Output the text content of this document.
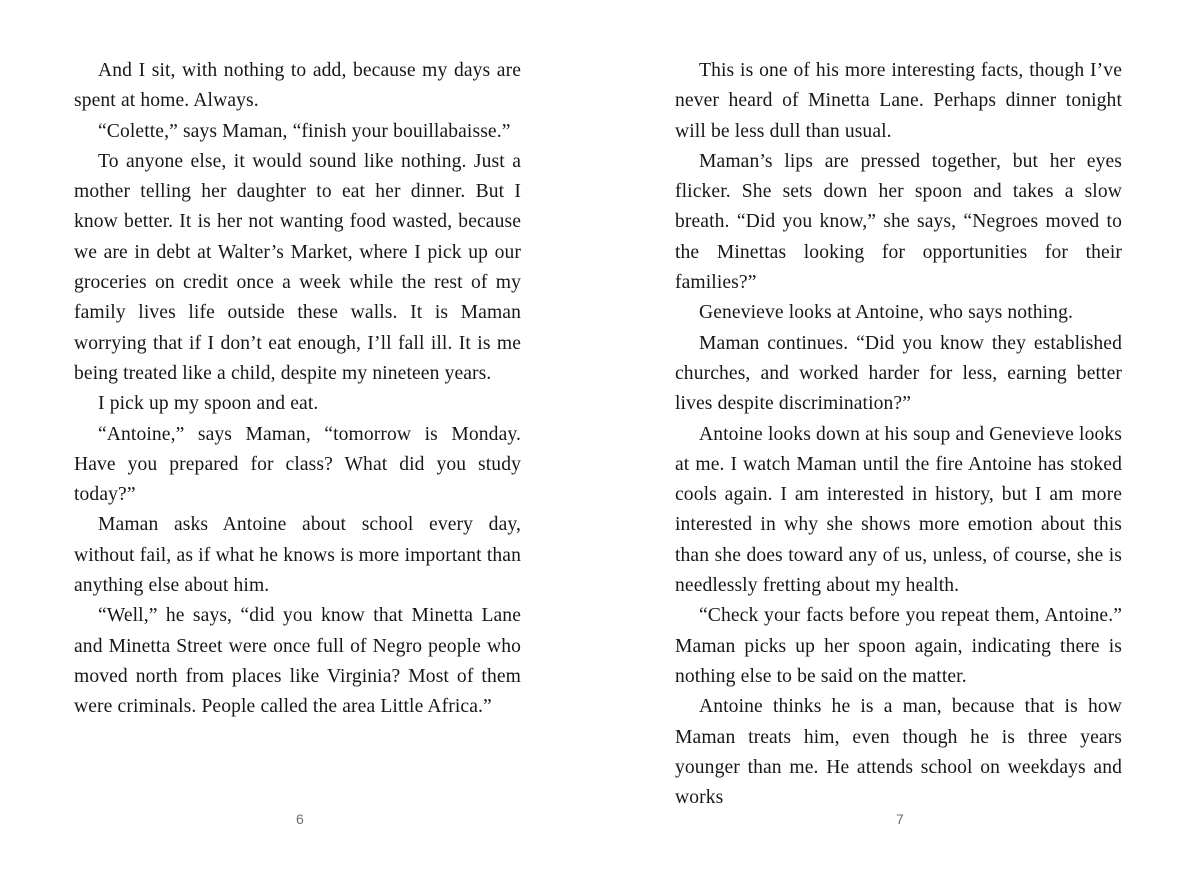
And I sit, with nothing to add, because my days are spent at home. Always.

“Colette,” says Maman, “finish your bouillabaisse.”

To anyone else, it would sound like nothing. Just a mother telling her daughter to eat her dinner. But I know better. It is her not wanting food wasted, because we are in debt at Walter’s Market, where I pick up our groceries on credit once a week while the rest of my family lives life outside these walls. It is Maman worrying that if I don’t eat enough, I’ll fall ill. It is me being treated like a child, despite my nineteen years.

I pick up my spoon and eat.

“Antoine,” says Maman, “tomorrow is Monday. Have you prepared for class? What did you study today?”

Maman asks Antoine about school every day, without fail, as if what he knows is more important than anything else about him.

“Well,” he says, “did you know that Minetta Lane and Minetta Street were once full of Negro people who moved north from places like Virginia? Most of them were criminals. People called the area Little Africa.”

6

This is one of his more interesting facts, though I’ve never heard of Minetta Lane. Perhaps dinner tonight will be less dull than usual.

Maman’s lips are pressed together, but her eyes flicker. She sets down her spoon and takes a slow breath. “Did you know,” she says, “Negroes moved to the Minettas looking for opportunities for their families?”

Genevieve looks at Antoine, who says nothing.

Maman continues. “Did you know they established churches, and worked harder for less, earning better lives despite discrimination?”

Antoine looks down at his soup and Genevieve looks at me. I watch Maman until the fire Antoine has stoked cools again. I am interested in history, but I am more interested in why she shows more emotion about this than she does toward any of us, unless, of course, she is needlessly fretting about my health.

“Check your facts before you repeat them, Antoine.” Maman picks up her spoon again, indicating there is nothing else to be said on the matter.

Antoine thinks he is a man, because that is how Maman treats him, even though he is three years younger than me. He attends school on weekdays and works

7
